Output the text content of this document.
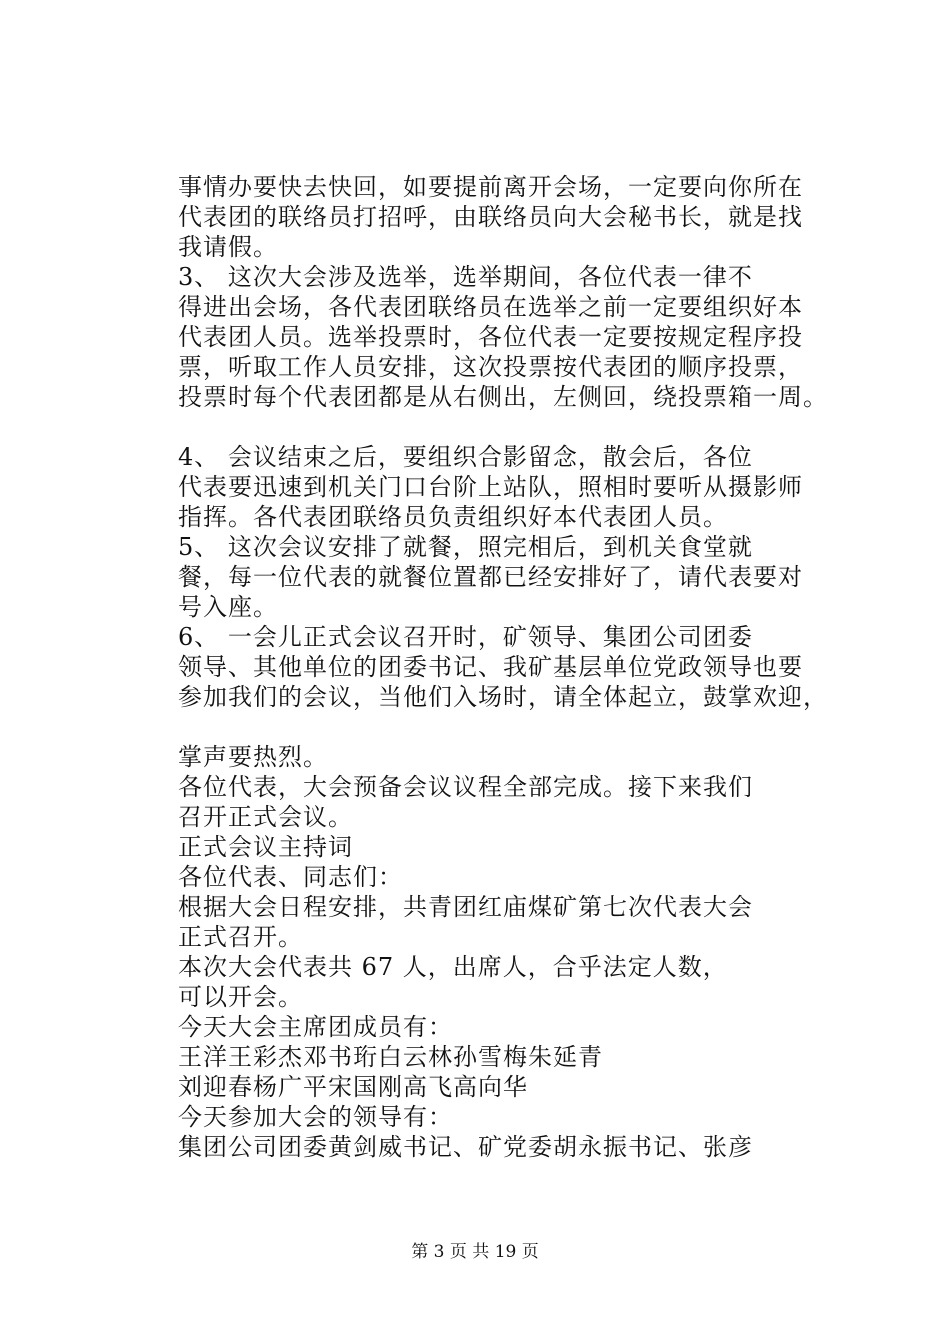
事情办要快去快回，如要提前离开会场，一定要向你所在
代表团的联络员打招呼，由联络员向大会秘书长，就是找
我请假。
3、 这次大会涉及选举，选举期间，各位代表一律不
得进出会场，各代表团联络员在选举之前一定要组织好本
代表团人员。选举投票时，各位代表一定要按规定程序投
票，听取工作人员安排，这次投票按代表团的顺序投票，
投票时每个代表团都是从右侧出，左侧回，绕投票箱一周。
4、 会议结束之后，要组织合影留念，散会后，各位
代表要迅速到机关门口台阶上站队，照相时要听从摄影师
指挥。各代表团联络员负责组织好本代表团人员。
5、 这次会议安排了就餐，照完相后，到机关食堂就
餐，每一位代表的就餐位置都已经安排好了，请代表要对
号入座。
6、 一会儿正式会议召开时，矿领导、集团公司团委
领导、其他单位的团委书记、我矿基层单位党政领导也要
参加我们的会议，当他们入场时，请全体起立，鼓掌欢迎，
掌声要热烈。
各位代表，大会预备会议议程全部完成。接下来我们
召开正式会议。
正式会议主持词
各位代表、同志们：
根据大会日程安排，共青团红庙煤矿第七次代表大会
正式召开。
本次大会代表共 67 人，出席人，合乎法定人数，
可以开会。
今天大会主席团成员有：
王洋王彩杰邓书珩白云林孙雪梅朱延青
刘迎春杨广平宋国刚高飞高向华
今天参加大会的领导有：
集团公司团委黄剑威书记、矿党委胡永振书记、张彦
第 3 页 共 19 页
